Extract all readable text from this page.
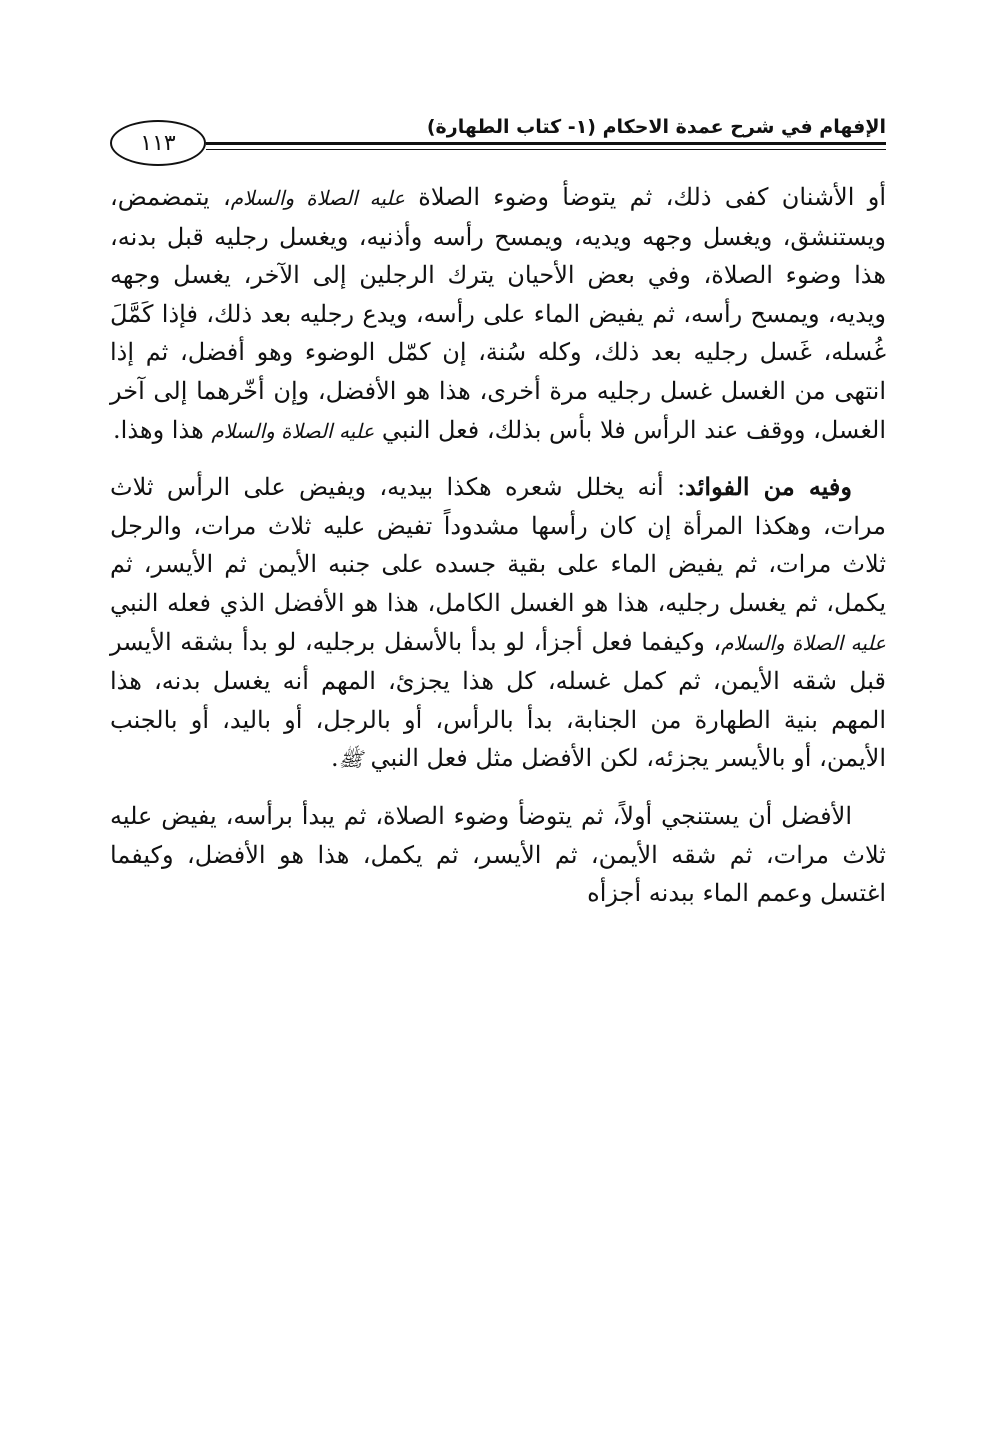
الإفهام في شرح عمدة الاحكام (١- كتاب الطهارة)
١١٣

أو الأشنان كفى ذلك، ثم يتوضأ وضوء الصلاة عليه الصلاة والسلام، يتمضمض، ويستنشق، ويغسل وجهه ويديه، ويمسح رأسه وأذنيه، ويغسل رجليه قبل بدنه، هذا وضوء الصلاة، وفي بعض الأحيان يترك الرجلين إلى الآخر، يغسل وجهه ويديه، ويمسح رأسه، ثم يفيض الماء على رأسه، ويدع رجليه بعد ذلك، فإذا كَمَّلَ غُسله، غَسل رجليه بعد ذلك، وكله سُنة، إن كمّل الوضوء وهو أفضل، ثم إذا انتهى من الغسل غسل رجليه مرة أخرى، هذا هو الأفضل، وإن أخّرهما إلى آخر الغسل، ووقف عند الرأس فلا بأس بذلك، فعل النبي عليه الصلاة والسلام هذا وهذا.

وفيه من الفوائد: أنه يخلل شعره هكذا بيديه، ويفيض على الرأس ثلاث مرات، وهكذا المرأة إن كان رأسها مشدوداً تفيض عليه ثلاث مرات، والرجل ثلاث مرات، ثم يفيض الماء على بقية جسده على جنبه الأيمن ثم الأيسر، ثم يكمل، ثم يغسل رجليه، هذا هو الغسل الكامل، هذا هو الأفضل الذي فعله النبي عليه الصلاة والسلام، وكيفما فعل أجزأ، لو بدأ بالأسفل برجليه، لو بدأ بشقه الأيسر قبل شقه الأيمن، ثم كمل غسله، كل هذا يجزئ، المهم أنه يغسل بدنه، هذا المهم بنية الطهارة من الجنابة، بدأ بالرأس، أو بالرجل، أو باليد، أو بالجنب الأيمن، أو بالأيسر يجزئه، لكن الأفضل مثل فعل النبي ﷺ.

الأفضل أن يستنجي أولاً، ثم يتوضأ وضوء الصلاة، ثم يبدأ برأسه، يفيض عليه ثلاث مرات، ثم شقه الأيمن، ثم الأيسر، ثم يكمل، هذا هو الأفضل، وكيفما اغتسل وعمم الماء ببدنه أجزأه
